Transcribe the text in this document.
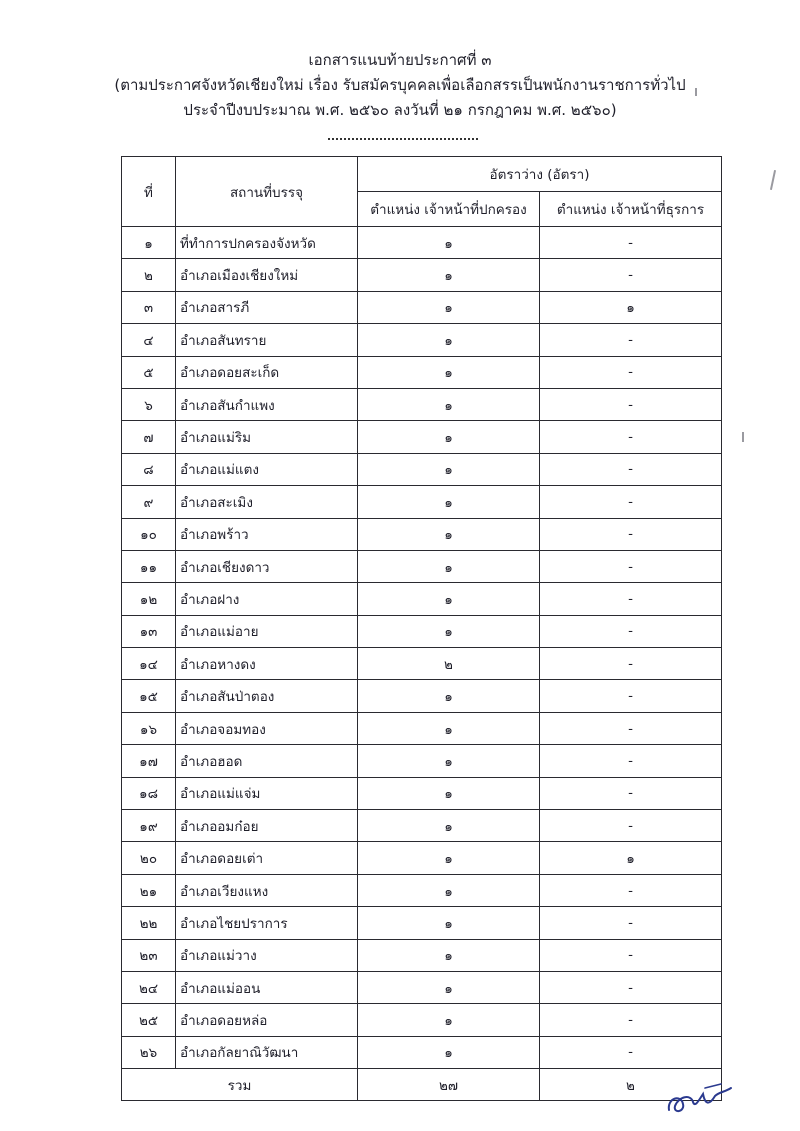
เอกสารแนบท้ายประกาศที่ ๓
(ตามประกาศจังหวัดเชียงใหม่ เรื่อง รับสมัครบุคคลเพื่อเลือกสรรเป็นพนักงานราชการทั่วไป
ประจำปีงบประมาณ พ.ศ. ๒๕๖๐ ลงวันที่ ๒๑ กรกฎาคม พ.ศ. ๒๕๖๐)
ที่	สถานที่บรรจุ	อัตราว่าง (อัตรา)	
		ตำแหน่ง เจ้าหน้าที่ปกครอง	ตำแหน่ง เจ้าหน้าที่ธุรการ
๑	ที่ทำการปกครองจังหวัด	๑	-
๒	อำเภอเมืองเชียงใหม่	๑	-
๓	อำเภอสารภี	๑	๑
๔	อำเภอสันทราย	๑	-
๕	อำเภอดอยสะเก็ด	๑	-
๖	อำเภอสันกำแพง	๑	-
๗	อำเภอแม่ริม	๑	-
๘	อำเภอแม่แตง	๑	-
๙	อำเภอสะเมิง	๑	-
๑๐	อำเภอพร้าว	๑	-
๑๑	อำเภอเชียงดาว	๑	-
๑๒	อำเภอฝาง	๑	-
๑๓	อำเภอแม่อาย	๑	-
๑๔	อำเภอหางดง	๒	-
๑๕	อำเภอสันป่าตอง	๑	-
๑๖	อำเภอจอมทอง	๑	-
๑๗	อำเภอฮอด	๑	-
๑๘	อำเภอแม่แจ่ม	๑	-
๑๙	อำเภออมก๋อย	๑	-
๒๐	อำเภอดอยเต่า	๑	๑
๒๑	อำเภอเวียงแหง	๑	-
๒๒	อำเภอไชยปราการ	๑	-
๒๓	อำเภอแม่วาง	๑	-
๒๔	อำเภอแม่ออน	๑	-
๒๕	อำเภอดอยหล่อ	๑	-
๒๖	อำเภอกัลยาณิวัฒนา	๑	-
รวม		๒๗	๒
